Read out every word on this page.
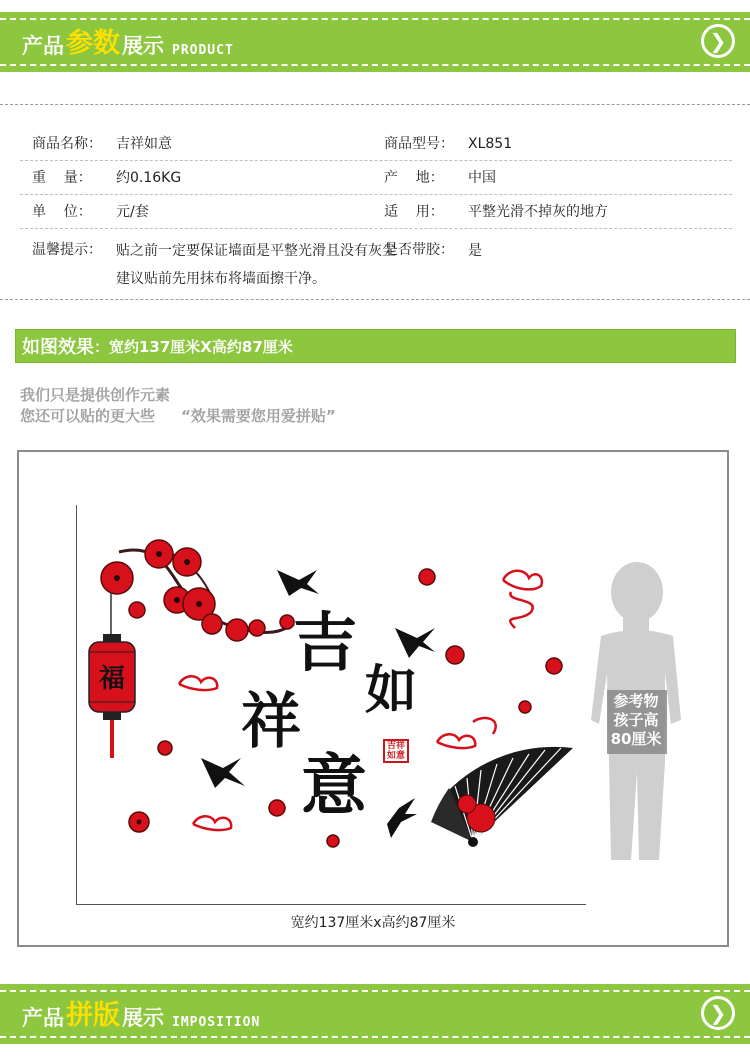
产品 参数 展示 PRODUCT	❯
商品名称：	吉祥如意	商品型号：	XL851
重    量：	约0.16KG	产    地：	中国
单    位：	元/套	适    用：	平整光滑不掉灰的地方
温馨提示：	贴之前一定要保证墙面是平整光滑且没有灰尘
建议贴前先用抹布将墙面擦干净。
是否带胶：	是
如图效果 ：宽约137厘米X高约87厘米
我们只是提供创作元素
您还可以贴的更大些 “效果需要您用爱拼贴”
吉
祥 如
意	吉祥如意
福
参考物
孩子高
80厘米
宽约137厘米x高约87厘米
产品 拼版 展示 IMPOSITION	❯
